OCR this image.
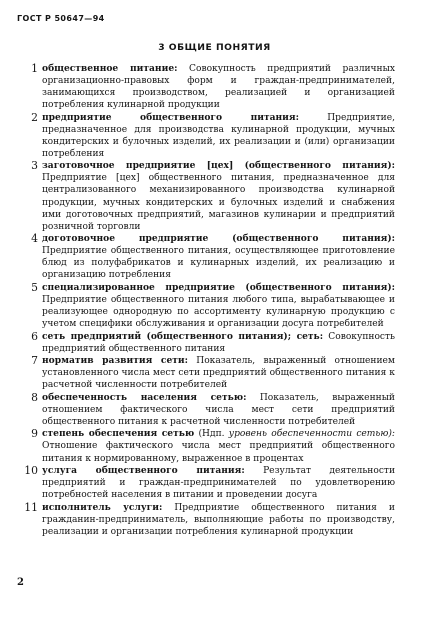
ГОСТ Р 50647—94
3 ОБЩИЕ ПОНЯТИЯ
1 общественное питание: Совокупность предприятий различных организационно-правовых форм и граждан-предпринимателей, занимающихся производством, реализацией и организацией потребления кулинарной продукции
2 предприятие общественного питания: Предприятие, предназначенное для производства кулинарной продукции, мучных кондитерских и булочных изделий, их реализации и (или) организации потребления
3 заготовочное предприятие [цех] (общественного питания): Предприятие [цех] общественного питания, предназначенное для централизованного механизированного производства кулинарной продукции, мучных кондитерских и булочных изделий и снабжения ими доготовочных предприятий, магазинов кулинарии и предприятий розничной торговли
4 доготовочное предприятие (общественного питания): Предприятие общественного питания, осуществляющее приготовление блюд из полуфабрикатов и кулинарных изделий, их реализацию и организацию потребления
5 специализированное предприятие (общественного питания): Предприятие общественного питания любого типа, вырабатывающее и реализующее однородную по ассортименту кулинарную продукцию с учетом специфики обслуживания и организации досуга потребителей
6 сеть предприятий (общественного питания); сеть: Совокупность предприятий общественного питания
7 норматив развития сети: Показатель, выраженный отношением установленного числа мест сети предприятий общественного питания к расчетной численности потребителей
8 обеспеченность населения сетью: Показатель, выраженный отношением фактического числа мест сети предприятий общественного питания к расчетной численности потребителей
9 степень обеспечения сетью (Ндп. уровень обеспеченности сетью): Отношение фактического числа мест предприятий общественного питания к нормированному, выраженное в процентах
10 услуга общественного питания: Результат деятельности предприятий и граждан-предпринимателей по удовлетворению потребностей населения в питании и проведении досуга
11 исполнитель услуги: Предприятие общественного питания и гражданин-предприниматель, выполняющие работы по производству, реализации и организации потребления кулинарной продукции
2
